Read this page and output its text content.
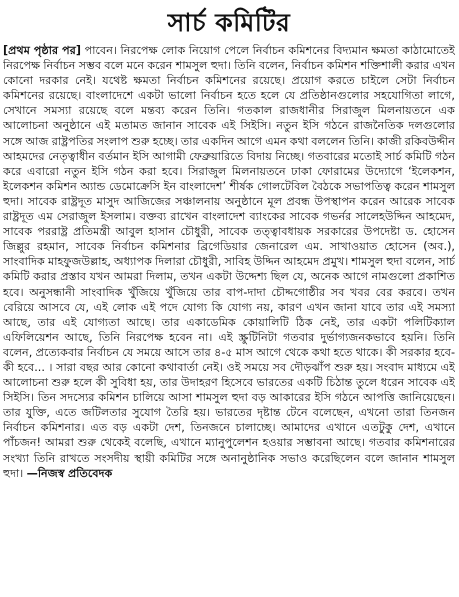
সার্চ কমিটির

[প্রথম পৃষ্ঠার পর] পাবেন। নিরপেক্ষ লোক নিয়োগ পেলে নির্বাচন কমিশনের বিদ্যমান ক্ষমতা কাঠামোতেই নিরপেক্ষ নির্বাচন সম্ভব বলে মনে করেন শামসুল হুদা। তিনি বলেন, নির্বাচন কমিশন শক্তিশালী করার এখন কোনো দরকার নেই। যথেষ্ট ক্ষমতা নির্বাচন কমিশনের রয়েছে। প্রয়োগ করতে চাইলে সেটা নির্বাচন কমিশনের রয়েছে। বাংলাদেশে একটা ভালো নির্বাচন হতে হলে যে প্রতিষ্ঠানগুলোর সহযোগিতা লাগে, সেখানে সমস্যা রয়েছে বলে মন্তব্য করেন তিনি। গতকাল রাজধানীর সিরাজুল মিলনায়তনে এক আলোচনা অনুষ্ঠানে এই মতামত জানান সাবেক এই সিইসি। নতুন ইসি গঠনে রাজনৈতিক দলগুলোর সঙ্গে আজ রাষ্ট্রপতির সংলাপ শুরু হচ্ছে। তার একদিন আগে এমন কথা বললেন তিনি। কাজী রকিবউদ্দীন আহমদের নেতৃত্বাধীন বর্তমান ইসি আগামী ফেব্রুয়ারিতে বিদায় নিচ্ছে। গতবারের মতোই সার্চ কমিটি গঠন করে এবারো নতুন ইসি গঠন করা হবে। সিরাজুল মিলনায়তনে ঢাকা ফোরামের উদ্যোগে ‘ইলেকশন, ইলেকশন কমিশন অ্যান্ড ডেমোক্রেসি ইন বাংলাদেশ’ শীর্ষক গোলটেবিল বৈঠকে সভাপতিত্ব করেন শামসুল হুদা। সাবেক রাষ্ট্রদূত মাসুদ আজিজের সঞ্চালনায় অনুষ্ঠানে মূল প্রবন্ধ উপস্থাপন করেন আরেক সাবেক রাষ্ট্রদূত এম সেরাজুল ইসলাম। বক্তব্য রাখেন বাংলাদেশ ব্যাংকের সাবেক গভর্নর সালেহউদ্দিন আহমেদ, সাবেক পররাষ্ট্র প্রতিমন্ত্রী আবুল হাসান চৌধুরী, সাবেক তত্ত্বাবধায়ক সরকারের উপদেষ্টা ড. হোসেন জিল্লুর রহমান, সাবেক নির্বাচন কমিশনার ব্রিগেডিয়ার জেনারেল এম. সাখাওয়াত হোসেন (অব.), সাংবাদিক মাহফুজউল্লাহ, অধ্যাপক দিলারা চৌধুরী, সাবিহ উদ্দিন আহমেদ প্রমুখ। শামসুল হুদা বলেন, সার্চ কমিটি করার প্রস্তাব যখন আমরা দিলাম, তখন একটা উদ্দেশ্য ছিল যে, অনেক আগে নামগুলো প্রকাশিত হবে। অনুসন্ধানী সাংবাদিক খুঁজিয়ে খুঁজিয়ে তার বাপ-দাদা চৌদ্দগোষ্ঠীর সব খবর বের করবে। তখন বেরিয়ে আসবে যে, এই লোক এই পদে যোগ্য কি যোগ্য নয়, কারণ এখন জানা যাবে তার এই সমস্যা আছে, তার এই যোগ্যতা আছে। তার একাডেমিক কোয়ালিটি ঠিক নেই, তার একটা পলিটিক্যাল এফিলিয়েশন আছে, তিনি নিরপেক্ষ হবেন না। এই স্ক্রুটিনিটা গতবার দুর্ভাগ্যজনকভাবে হয়নি। তিনি বলেন, প্রত্যেকবার নির্বাচন যে সময়ে আসে তার ৪-৫ মাস আগে থেকে কথা হতে থাকে। কী সরকার হবে- কী হবে... । সারা বছর আর কোনো কথাবার্তা নেই। ওই সময়ে সব দৌড়ঝাঁপ শুরু হয়। সংবাদ মাধ্যমে এই আলোচনা শুরু হলে কী সুবিধা হয়, তার উদাহরণ হিসেবে ভারতের একটি চিঠান্ত তুলে ধরেন সাবেক এই সিইসি। তিন সদস্যের কমিশন চালিয়ে আসা শামসুল হুদা বড় আকারের ইসি গঠনে আপত্তি জানিয়েছেন। তার যুক্তি, এতে জটিলতার সুযোগ তৈরি হয়। ভারতের দৃষ্টান্ত টেনে বলেছেন, এখনো তারা তিনজন নির্বাচন কমিশনার। এত বড় একটা দেশ, তিনজনে চালাচ্ছে। আমাদের এখানে এতটুকু দেশ, এখানে পাঁচজন! আমরা শুরু থেকেই বলেছি, এখানে ম্যানুপুলেশন হওয়ার সম্ভাবনা আছে। গতবার কমিশনারের সংখ্যা তিনি রাখতে সংসদীয় স্থায়ী কমিটির সঙ্গে অনানুষ্ঠানিক সভাও করেছিলেন বলে জানান শামসুল হুদা। —নিজস্ব প্রতিবেদক
